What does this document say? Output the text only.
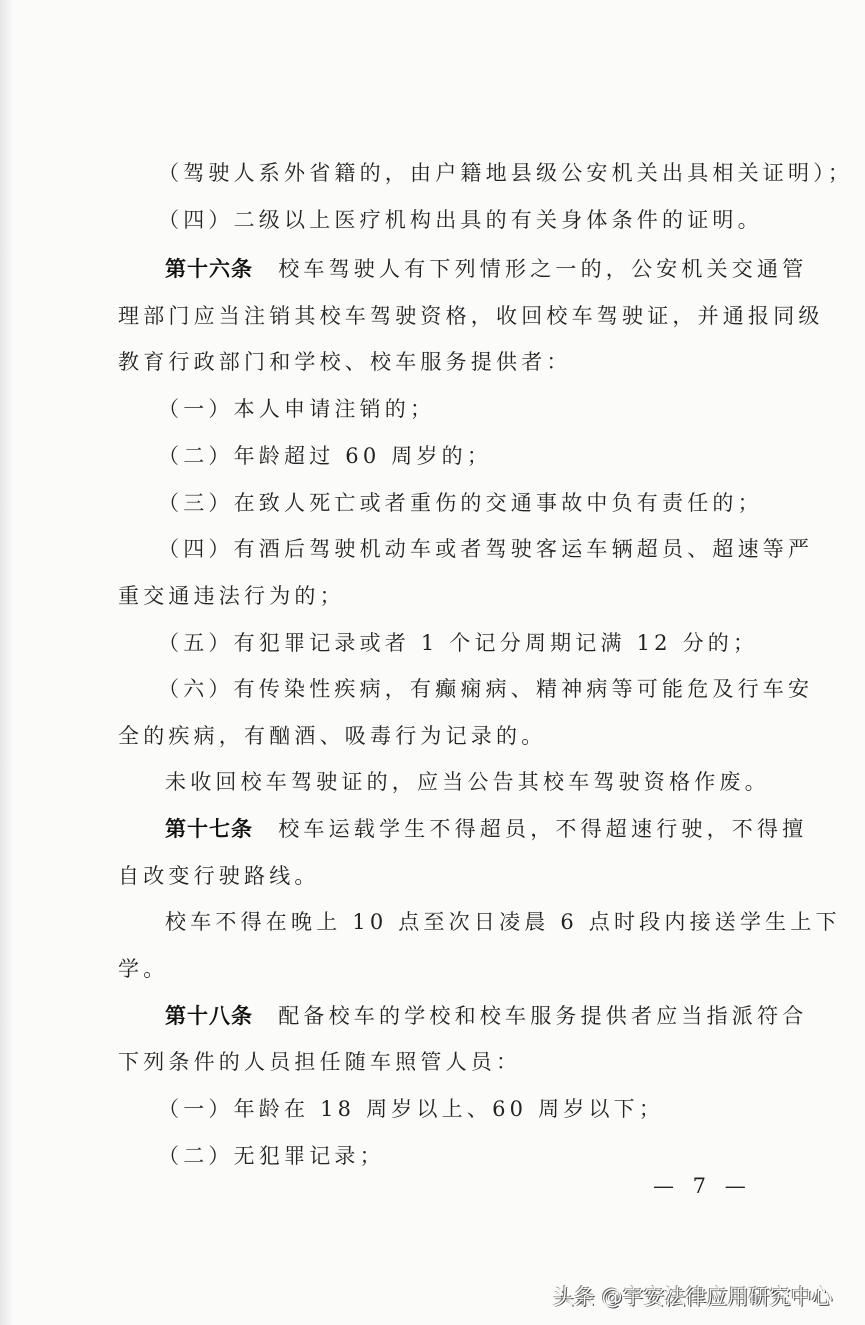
（驾驶人系外省籍的，由户籍地县级公安机关出具相关证明）；
（四）二级以上医疗机构出具的有关身体条件的证明。
第十六条　校车驾驶人有下列情形之一的，公安机关交通管
理部门应当注销其校车驾驶资格，收回校车驾驶证，并通报同级
教育行政部门和学校、校车服务提供者：
（一）本人申请注销的；
（二）年龄超过 60 周岁的；
（三）在致人死亡或者重伤的交通事故中负有责任的；
（四）有酒后驾驶机动车或者驾驶客运车辆超员、超速等严
重交通违法行为的；
（五）有犯罪记录或者 1 个记分周期记满 12 分的；
（六）有传染性疾病，有癫痫病、精神病等可能危及行车安
全的疾病，有酗酒、吸毒行为记录的。
未收回校车驾驶证的，应当公告其校车驾驶资格作废。
第十七条　校车运载学生不得超员，不得超速行驶，不得擅
自改变行驶路线。
校车不得在晚上 10 点至次日凌晨 6 点时段内接送学生上下
学。
第十八条　配备校车的学校和校车服务提供者应当指派符合
下列条件的人员担任随车照管人员：
（一）年龄在 18 周岁以上、60 周岁以下；
（二）无犯罪记录；
— 7 —
头条 @宇安法律应用研究中心
